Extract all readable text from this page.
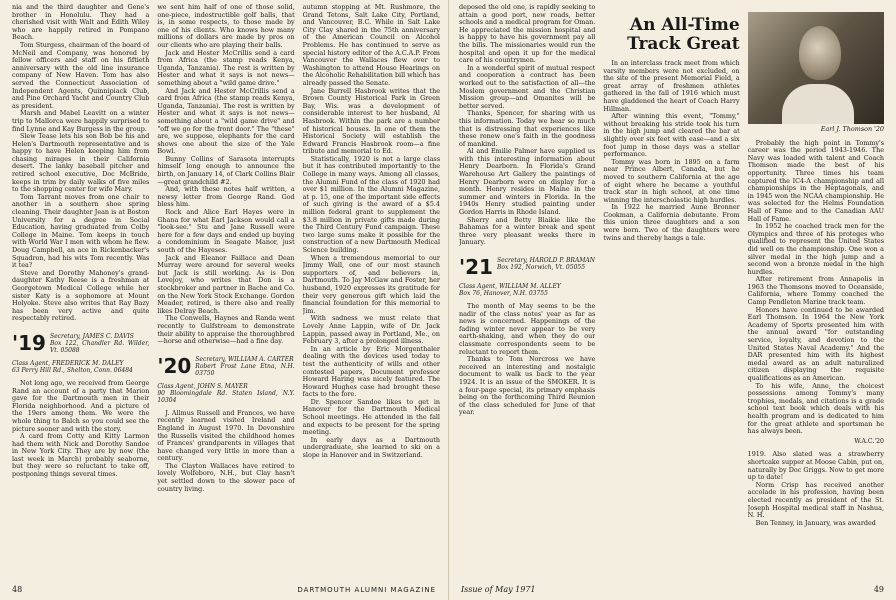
nia and the third daughter and Gene's brother in Honolulu. They had a cherished visit with Walt and Edith Wiley who are happily retired in Pompano Beach.

Tom Sturgess, chairman of the board of McNeil and Company, was honored by fellow officers and staff on his fiftieth anniversary with the old line insurance company of New Haven. Tom has also served the Connecticut Association of Independent Agents, Quinnipiack Club, and Pine Orchard Yacht and Country Club as president.

Marsh and Mabel Leavitt on a winter trip to Mallorca were happily surprised to find Lynne and Kay Burgess in the group.

Slew Tease lets his son Bob be his and Helen's Dartmouth representative and is happy to have Helen keeping him from chasing mirages in their California desert. The lanky baseball pitcher and retired school executive, Doc McBride, keeps in trim by daily walks of five miles to the shopping center for wife Mary.

Tom Tarrant moves from one chair to another in a southern shoe spring cleaning. Their daughter Jean is at Boston University for a degree in Social Education, having graduated from Colby College in Maine. Tom keeps in touch with World War I men with whom he flew. Doug Campbell, an ace in Rickenbacker's Squadron, had his wits Tom recently. Was it tea?

Steve and Dorothy Mahoney's grand-daughter Kathy Reese is a freshman at Georgetown Medical College while her sister Katy is a sophomore at Mount Holyoke. Steve also writes that Ray Bazy has been very active and quite respectably retired.

'19 Secretary, JAMES C. DAVIS
Box 122, Chandler Rd. Wilder, Vt. 05088
Class Agent, FREDERICK M. DALEY
63 Perry Hill Rd., Shelton, Conn. 06484

Not long ago, we received from George Rand an account of a party that Marion gave for the Dartmouth men in their Florida neighborhood. And a picture of the 19ers among them. We were the whole thing to Balch so you could see the picture sooner and with the story.

A card from Cotty and Kitty Larmon had them with Nick and Dorothy Sandoe in New York City. They are by now (the last week in March) probably seaborne, but they were so reluctant to take off, postponing things several times.

we sent him half of one of those solid, one-piece, indestructible golf balls, that is, in some respects, to those made by one of his clients. Who knows how many millions of dollars are made by pros on our clients who are playing their balls.

Jack and Hester McCrillis send a card from Africa (the stamp reads Kenya, Uganda, Tanzania). The rest is written by Hester and what it says is not news—something about a "wild game drive."

And Jack and Hester McCrillis send a card from Africa (the stamp reads Kenya, Uganda, Tanzania). The rest is written by Hester and what it says is not news—something about a "wild game drive" and "off we go for the front door." The "these" are, we suppose, elephants for the card shows one about the size of the Yale Bowl.

Bunny Collins of Sarasota interrupts himself long enough to announce the birth, on January 14, of Clark Collins Blair—great grandchild #2.

And, with these notes half written, a newsy letter from George Rand. God bless him.

Rock and Alice Earl Hayes were in Ghana for what Earl Jackson would call a "look-see." Stu and Jane Russell were here for a few days and ended up buying a condominium in Seagate Manor, just south of the Hayeses.

Jack and Eleanor Faillace and Dean Murray were around for several weeks but Jack is still working. As is Don Lovejoy, who writes that Don is a stockbroker and partner in Bache and Co. on the New York Stock Exchange. Gordon Meader, retired, is there also and really likes Delray Beach.

The Conwells, Haynes and Randa went recently to Gulfstream to demonstrate their ability to appraise the thoroughbred—horse and otherwise—had a fine day.

'20 Secretary, WILLIAM A. CARTER
Robert Frost Lane Etna, N.H. 03750
Class Agent, JOHN S. MAYER
90 Bloomingdale Rd. Staten Island, N.Y. 10304

J. Allmus Russell and Frances, we have recently learned visited Ireland and England in August 1970. In Devonshire the Russells visited the childhood homes of Frances' grandparents in villages that have changed very little in more than a century.

The Clayton Wallaces have retired to lovely Wolfeboro, N.H., but Clay hasn't yet settled down to the slower pace of country living.

autumn stopping at Mt. Rushmore, the Grand Tetons, Salt Lake City, Portland, and Vancouver, B.C. While in Salt Lake City Clay shared in the 75th anniversary of the American Council on Alcohol Problems. He has continued to serve as special history editor of the A.C.A.P. From Vancouver the Wallaces flew over to Washington to attend House Hearings on the Alcoholic Rehabilitation bill which has already passed the Senate.

Jane Burrell Hasbrook writes that the Brown County Historical Park in Green Bay, Wis. was a development of considerable interest to her husband, Al Hasbrook. Within the park are a number of historical houses. In one of them the Historical Society will establish the Edward Francis Hasbrook room—a fine tribute and memorial to Ed.

Statistically, 1920 is not a large class but it has contributed importantly to the College in many ways. Among all classes, the Alumni Fund of the class of 1920 had over $1 million. In the Alumni Magazine, at p. 15, one of the important side effects of such giving is the award of a $5.4 million federal grant to supplement the $3.8 million in private gifts made during the Third Century Fund campaign. These two large sums make it possible for the construction of a new Dartmouth Medical Science building.

When a tremendous memorial to our Jimmy Wall, one of our most staunch supporters of, and believers in, Dartmouth. To Jay McGaw and Foster, her husband, 1920 expresses its gratitude for their very generous gift which laid the financial foundation for this memorial to Jim.

With sadness we must relate that Lovely Anne Lappin, wife of Dr. Jack Lappin, passed away in Portland, Me., on February 3, after a prolonged illness.

In an article by Eric Morgenthaler dealing with the devices used today to test the authenticity of wills and other contested papers, Document professor Howard Haring was nicely featured. The Howard Hughes case had brought these facts to the fore.

Dr. Spencer Sandoe likes to get in Hanover for the Dartmouth Medical School meetings. He attended in the fall and expects to be present for the spring meeting.

In early days as a Dartmouth undergraduate, she learned to ski on a slope in Hanover and in Switzerland.

48	DARTMOUTH ALUMNI MAGAZINE

deposed the old one, is rapidly seeking to attain a good port, new roads, better schools and a medical program for Oman. He appreciated the mission hospital and is happy to have his government pay all the bills. The missionaries would run the hospital and open it up for the medical care of his countrymen.

In a wonderful spirit of mutual respect and cooperation a contract has been worked out to the satisfaction of all—the Moslem government and the Christian Mission group—and Omanites will be better served.

Thanks, Spencer, for sharing with us this information. Today we hear so much that is distressing that experiences like these renew one's faith in the goodness of mankind.

Al and Emilie Palmer have supplied us with this interesting information about Henry Dearborn. In Florida's Grand Warehouse Art Gallery the paintings of Henry Dearborn were on display for a month. Henry resides in Maine in the summer and winters in Florida. In the 1940s Henry studied painting under Gordon Harris in Rhode Island.

Sherry and Betty Blaikie like the Bahamas for a winter break and spent three very pleasant weeks there in January.

'21 Secretary, HAROLD P. BRAMAN
Box 192, Norwich, Vt. 05055
Class Agent, WILLIAM M. ALLEY
Box 76, Hanover, N.H. 03755

The month of May seems to be the nadir of the class notes' year as far as news is concerned. Happenings of the fading winter never appear to be very earth-shaking, and when they do our classmate correspondents seem to be reluctant to report them.

Thanks to Tom Norcross we have received an interesting and nostalgic document to walk us back to the year 1924. It is an issue of the SMOKER. It is a four-page special, its primary emphasis being on the forthcoming Third Reunion of the class scheduled for June of that year.

An All-Time Track Great

In an interclass track meet from which varsity members were not excluded, on the site of the present Memorial Field, a great array of freshmen athletes gathered in the fall of 1916 which must have gladdened the heart of Coach Harry Hillman.

After winning this event, "Tommy," without breaking his stride took his turn in the high jump and cleared the bar at slightly over six feet with ease—and a six foot jump in those days was a stellar performance.

Tommy was born in 1895 on a farm near Prince Albert, Canada, but he moved to southern California at the age of eight where he became a youthful track star in high school, at one time winning the interscholastic high hurdles.

In 1922 he married Aune Bronner Cookman, a California debutante. From this union three daughters and a son were born. Two of the daughters were twins and thereby hangs a tale.

Earl J. Thomson '20

Probably the high point in Tommy's career was the period 1943-1946. The Navy was loaded with talent and Coach Thomson made the best of his opportunity. Three times his team captured the IC4-A championship and all championships in the Heptagonals, and in 1945 won the NCAA championship. He was selected for the Helms Foundation Hall of Fame and to the Canadian AAU Hall of Fame.

In 1952 he coached track men for the Olympics and three of his proteges who qualified to represent the United States did well on the championship. One won a silver medal in the high jump and a second won a bronze medal in the high hurdles.

After retirement from Annapolis in 1963 the Thomsons moved to Oceanside, California, where Tommy coached the Camp Pendleton Marine track team.

Honors have continued to be awarded Earl Thomson. In 1964 the New York Academy of Sports presented him with the annual award "for outstanding service, loyalty, and devotion to the United States Naval Academy." And the DAR presented him with its highest medal award as an adult naturalized citizen displaying the requisite qualifications as an American.

To his wife, Anne, the choicest possessions among Tommy's many trophies, medals, and citations is a grade school text book which deals with his health program and is dedicated to him for the great athlete and sportsman he has always been.

W.A.C.'20

1919. Also slated was a strawberry shortcake supper at Moose Cabin, put on, naturally by Doc Griggs. Now to get more up to date!

Norm Crisp has received another accolade in his profession, having been elected recently as president of the St. Joseph Hospital medical staff in Nashua, N. H.

Ben Tenney, in January, was awarded

Issue of May 1971	49
